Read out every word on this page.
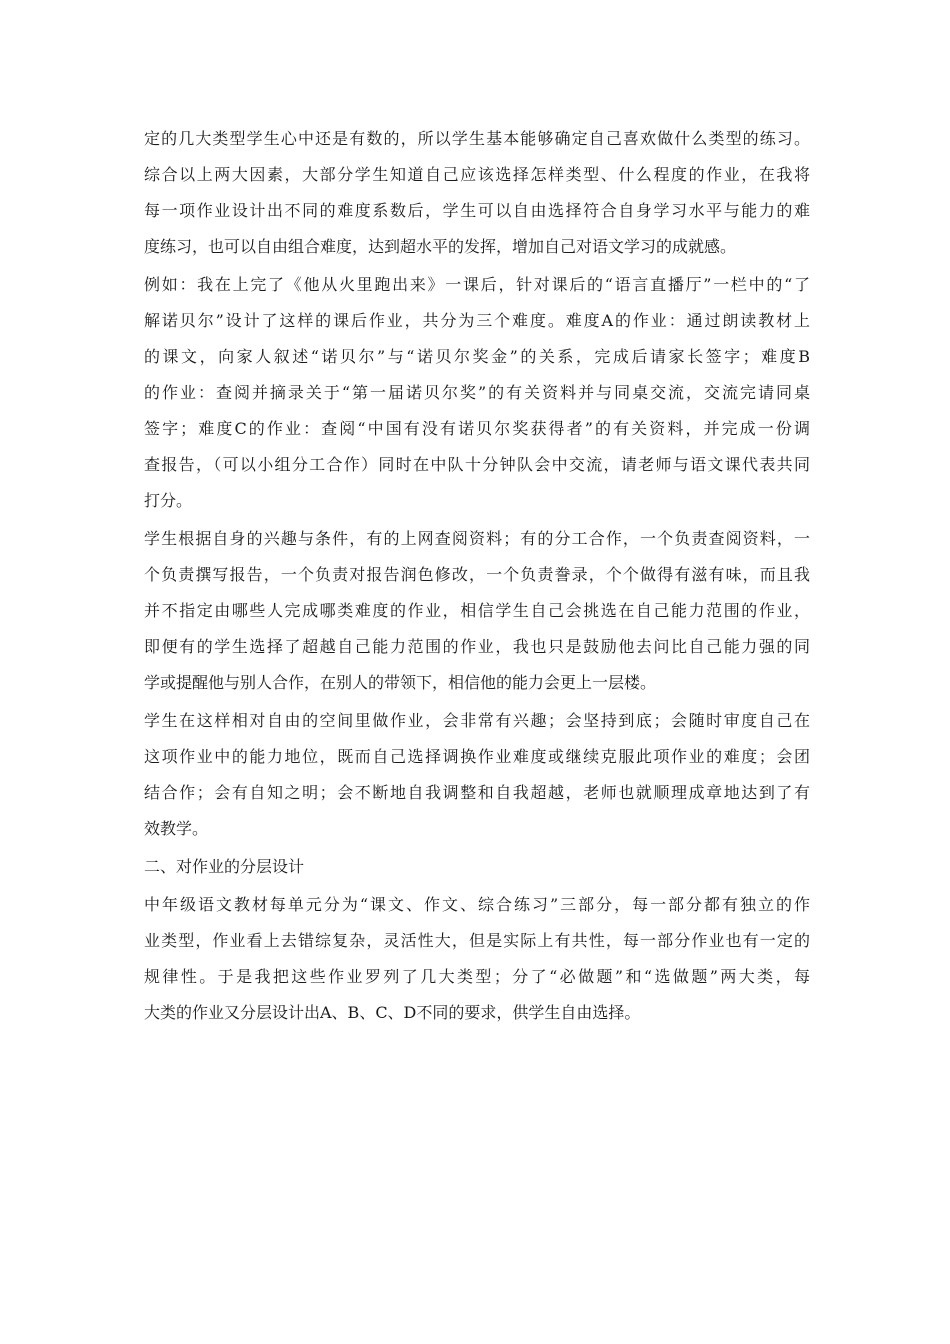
定的几大类型学生心中还是有数的，所以学生基本能够确定自己喜欢做什么类型的练习。
综合以上两大因素，大部分学生知道自己应该选择怎样类型、什么程度的作业，在我将
每一项作业设计出不同的难度系数后，学生可以自由选择符合自身学习水平与能力的难
度练习，也可以自由组合难度，达到超水平的发挥，增加自己对语文学习的成就感。
例如：我在上完了《他从火里跑出来》一课后，针对课后的“语言直播厅”一栏中的“了
解诺贝尔”设计了这样的课后作业，共分为三个难度。难度A的作业：通过朗读教材上
的课文，向家人叙述“诺贝尔”与“诺贝尔奖金”的关系，完成后请家长签字；难度B
的作业：查阅并摘录关于“第一届诺贝尔奖”的有关资料并与同桌交流，交流完请同桌
签字；难度C的作业：查阅“中国有没有诺贝尔奖获得者”的有关资料，并完成一份调
查报告，（可以小组分工合作）同时在中队十分钟队会中交流，请老师与语文课代表共同
打分。
学生根据自身的兴趣与条件，有的上网查阅资料；有的分工合作，一个负责查阅资料，一
个负责撰写报告，一个负责对报告润色修改，一个负责誊录，个个做得有滋有味，而且我
并不指定由哪些人完成哪类难度的作业，相信学生自己会挑选在自己能力范围的作业，
即便有的学生选择了超越自己能力范围的作业，我也只是鼓励他去问比自己能力强的同
学或提醒他与别人合作，在别人的带领下，相信他的能力会更上一层楼。
学生在这样相对自由的空间里做作业，会非常有兴趣；会坚持到底；会随时审度自己在
这项作业中的能力地位，既而自己选择调换作业难度或继续克服此项作业的难度；会团
结合作；会有自知之明；会不断地自我调整和自我超越，老师也就顺理成章地达到了有
效教学。
二、对作业的分层设计
中年级语文教材每单元分为“课文、作文、综合练习”三部分，每一部分都有独立的作
业类型，作业看上去错综复杂，灵活性大，但是实际上有共性，每一部分作业也有一定的
规律性。于是我把这些作业罗列了几大类型；分了“必做题”和“选做题”两大类，每
大类的作业又分层设计出A、B、C、D不同的要求，供学生自由选择。
